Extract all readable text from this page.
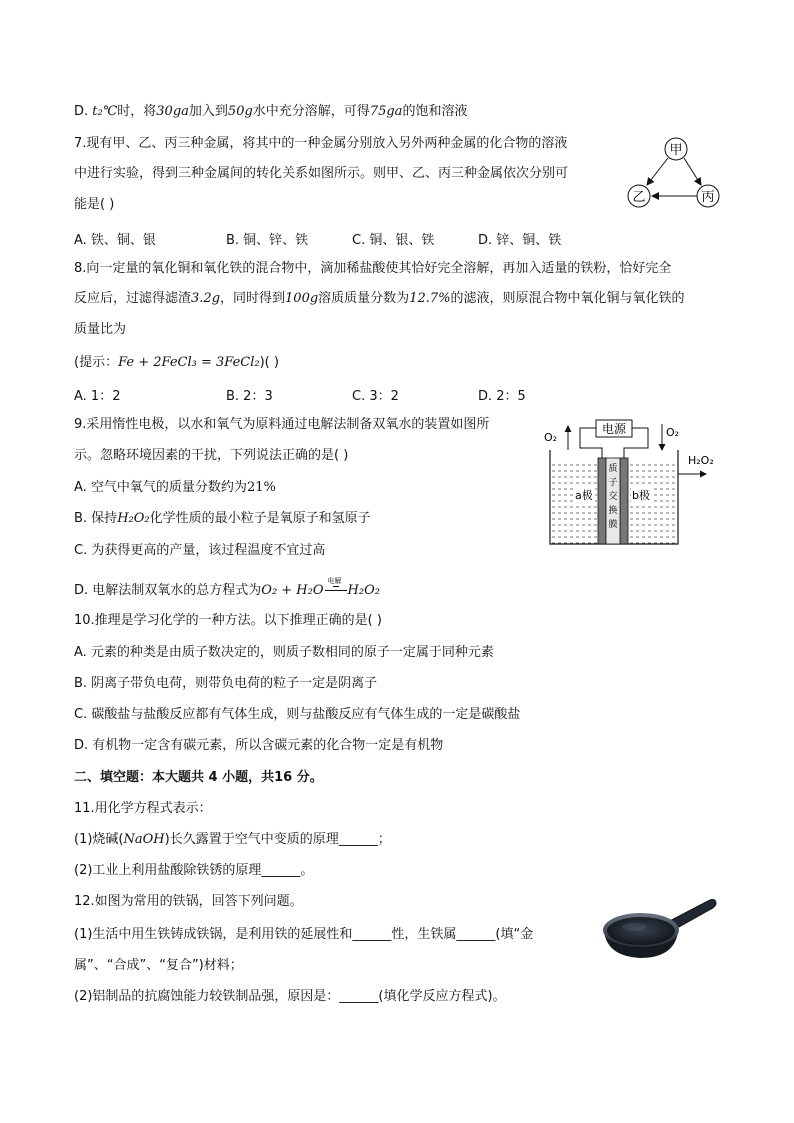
D. t₂℃时，将30ga加入到50g水中充分溶解，可得75ga的饱和溶液
7.现有甲、乙、丙三种金属，将其中的一种金属分别放入另外两种金属的化合物的溶液
中进行实验，得到三种金属间的转化关系如图所示。则甲、乙、丙三种金属依次分别可
能是( )
A. 铁、铜、银	B. 铜、锌、铁	C. 铜、银、铁	D. 锌、铜、铁
甲
乙	丙
8.向一定量的氧化铜和氧化铁的混合物中，滴加稀盐酸使其恰好完全溶解，再加入适量的铁粉，恰好完全
反应后，过滤得滤渣3.2g，同时得到100g溶质质量分数为12.7%的滤液，则原混合物中氧化铜与氧化铁的
质量比为
(提示：Fe + 2FeCl₃ = 3FeCl₂)( )
A. 1：2	B. 2：3	C. 3：2	D. 2：5
9.采用惰性电极，以水和氧气为原料通过电解法制备双氧水的装置如图所
示。忽略环境因素的干扰，下列说法正确的是( )
A. 空气中氧气的质量分数约为21%
B. 保持H₂O₂化学性质的最小粒子是氧原子和氢原子
C. 为获得更高的产量，该过程温度不宜过高
D. 电解法制双氧水的总方程式为O₂ + H₂O
电解
H₂O₂
电源
O₂	O₂
H₂O₂
a极	b极
质
子
交
换
膜
10.推理是学习化学的一种方法。以下推理正确的是( )
A. 元素的种类是由质子数决定的，则质子数相同的原子一定属于同种元素
B. 阴离子带负电荷，则带负电荷的粒子一定是阴离子
C. 碳酸盐与盐酸反应都有气体生成，则与盐酸反应有气体生成的一定是碳酸盐
D. 有机物一定含有碳元素，所以含碳元素的化合物一定是有机物
二、填空题：本大题共 4 小题，共16 分。
11.用化学方程式表示：
(1)烧碱(NaOH)长久露置于空气中变质的原理______；
(2)工业上利用盐酸除铁锈的原理______。
12.如图为常用的铁锅，回答下列问题。
(1)生活中用生铁铸成铁锅，是利用铁的延展性和______性，生铁属______(填“金
属”、“合成”、“复合”)材料；
(2)铝制品的抗腐蚀能力较铁制品强，原因是：______(填化学反应方程式)。
